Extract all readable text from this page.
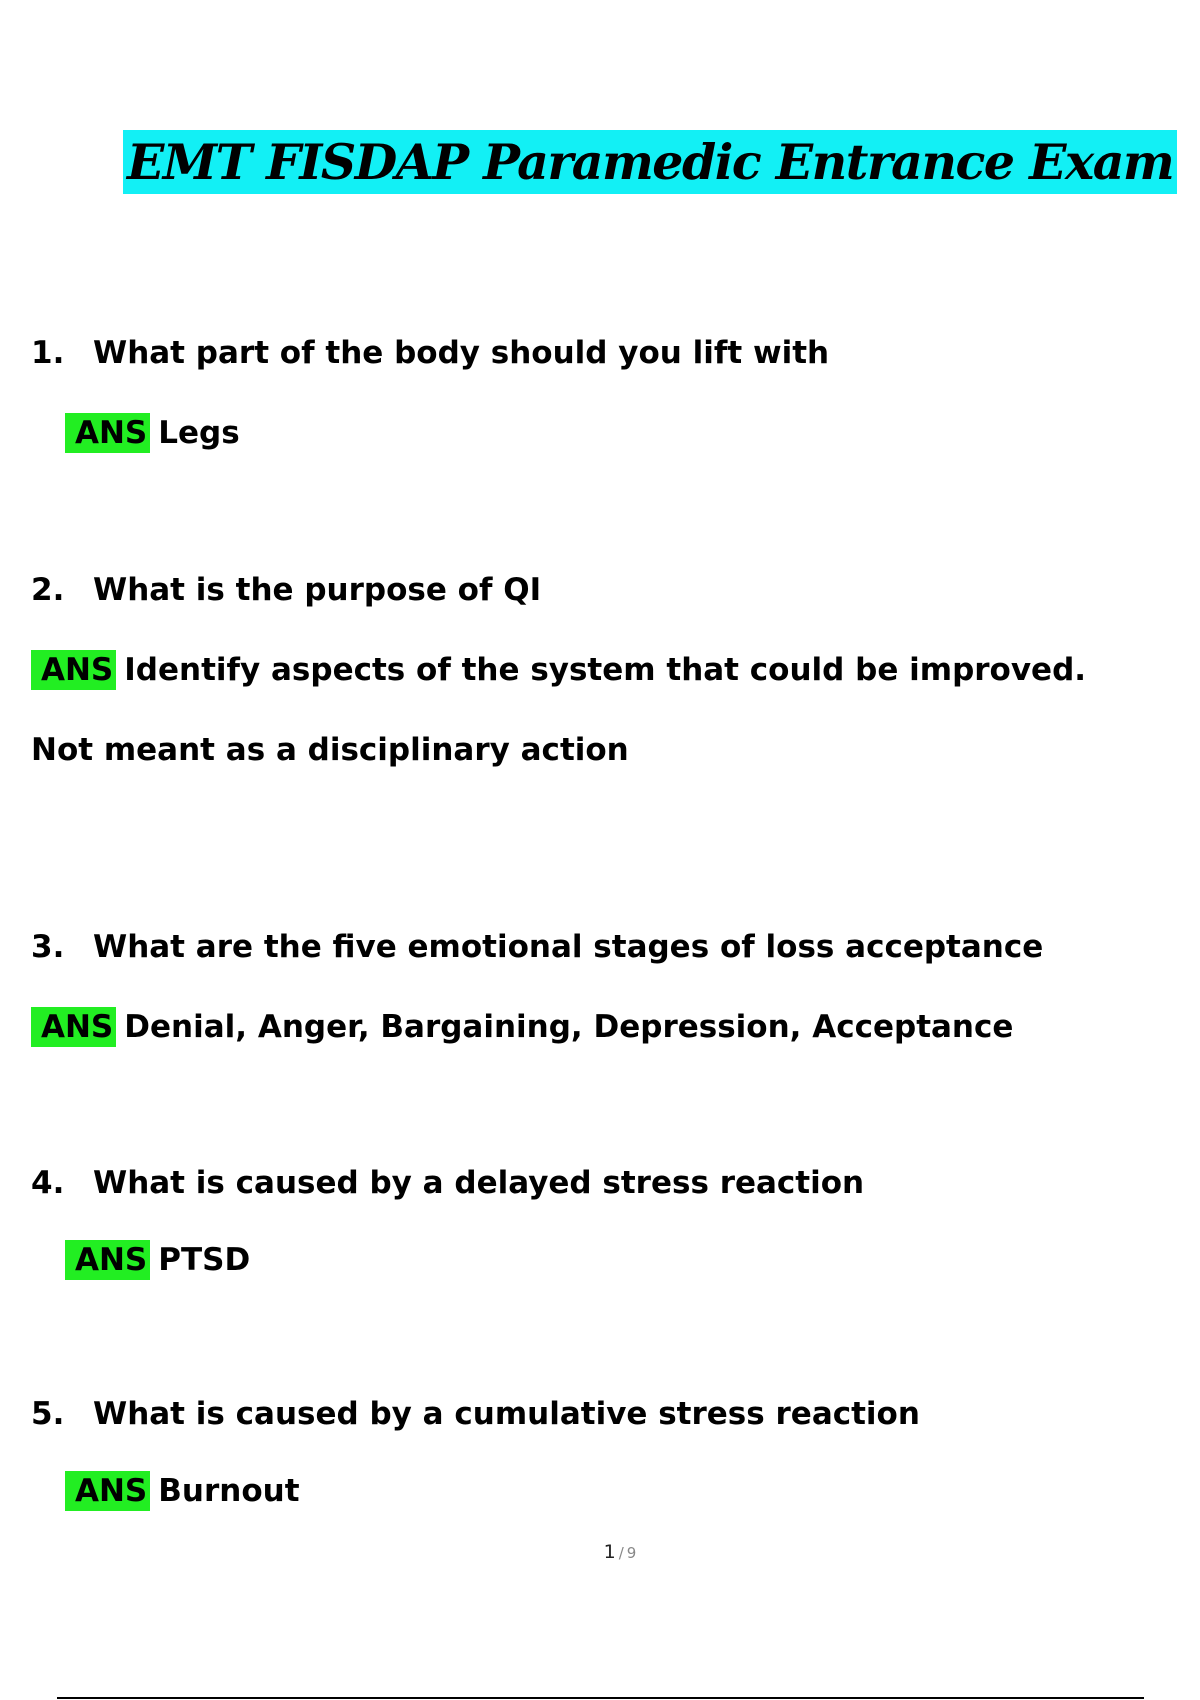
EMT FISDAP Paramedic Entrance Exam
1. What part of the body should you lift with
ANS Legs
2. What is the purpose of QI
ANS Identify aspects of the system that could be improved.
Not meant as a disciplinary action
3. What are the five emotional stages of loss acceptance
ANS Denial, Anger, Bargaining, Depression, Acceptance
4. What is caused by a delayed stress reaction
ANS PTSD
5. What is caused by a cumulative stress reaction
ANS Burnout
1 / 9
